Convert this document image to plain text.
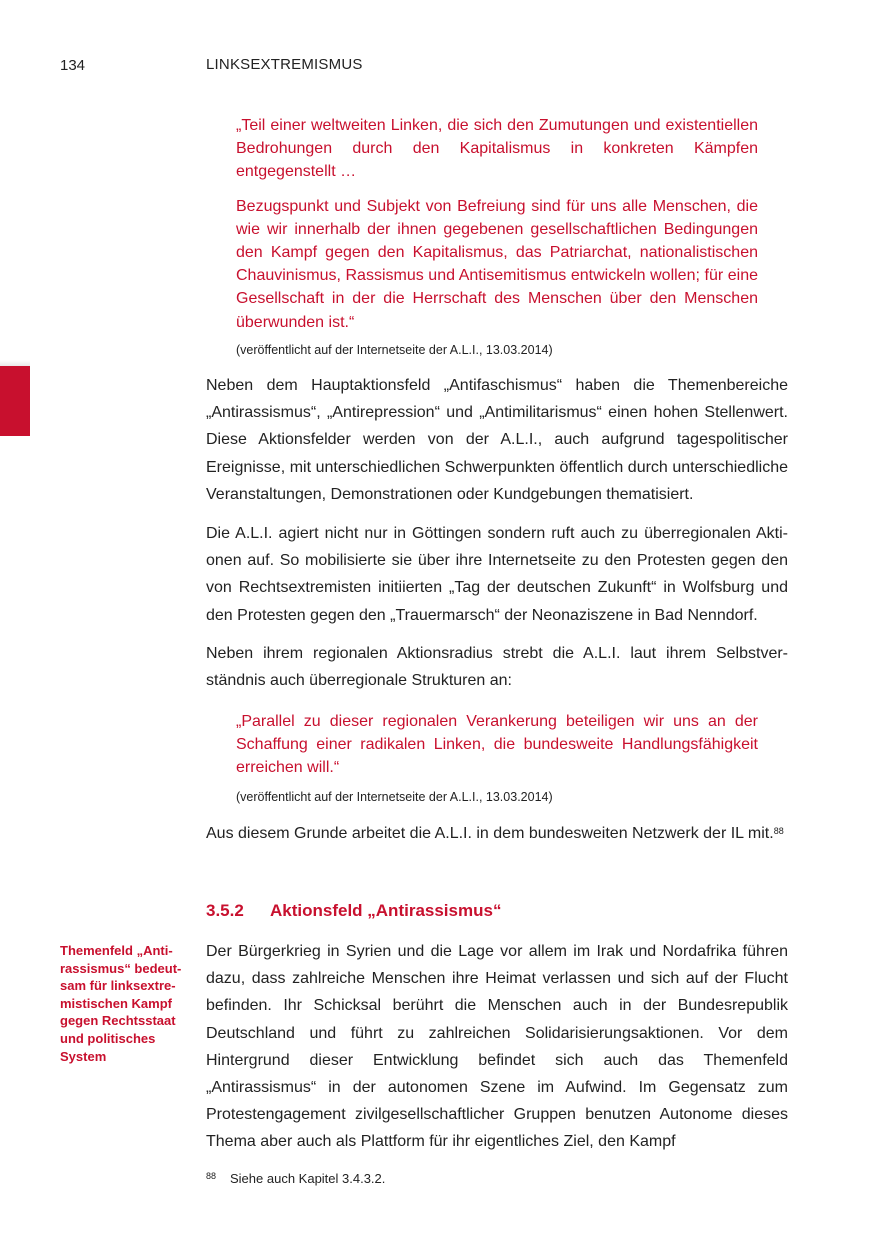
134	LINKSEXTREMISMUS

„Teil einer weltweiten Linken, die sich den Zumutungen und existentiellen Bedrohungen durch den Kapitalismus in konkreten Kämpfen entgegenstellt …

Bezugspunkt und Subjekt von Befreiung sind für uns alle Menschen, die wie wir innerhalb der ihnen gegebenen gesellschaftlichen Bedingungen den Kampf gegen den Kapitalismus, das Patriarchat, nationalistischen Chauvinismus, Rassismus und Antisemitismus entwickeln wollen; für eine Gesellschaft in der die Herrschaft des Menschen über den Menschen überwunden ist.“

(veröffentlicht auf der Internetseite der A.L.I., 13.03.2014)
Neben dem Hauptaktionsfeld „Antifaschismus“ haben die Themenbereiche „Antirassismus“, „Antirepression“ und „Antimilitarismus“ einen hohen Stellenwert. Diese Aktionsfelder werden von der A.L.I., auch aufgrund tagespolitischer Ereignisse, mit unterschiedlichen Schwerpunkten öffentlich durch unterschiedliche Veranstaltungen, Demonstrationen oder Kundgebungen thematisiert.
Die A.L.I. agiert nicht nur in Göttingen sondern ruft auch zu überregionalen Aktionen auf. So mobilisierte sie über ihre Internetseite zu den Protesten gegen den von Rechtsextremisten initiierten „Tag der deutschen Zukunft“ in Wolfsburg und den Protesten gegen den „Trauermarsch“ der Neonaziszene in Bad Nenndorf.
Neben ihrem regionalen Aktionsradius strebt die A.L.I. laut ihrem Selbstverständnis auch überregionale Strukturen an:

„Parallel zu dieser regionalen Verankerung beteiligen wir uns an der Schaffung einer radikalen Linken, die bundesweite Handlungsfähigkeit erreichen will.“

(veröffentlicht auf der Internetseite der A.L.I., 13.03.2014)
Aus diesem Grunde arbeitet die A.L.I. in dem bundesweiten Netzwerk der IL mit.$^{88}$
3.5.2 Aktionsfeld „Antirassismus“
Themenfeld „Antirassismus“ bedeutsam für linksextremistischen Kampf gegen Rechtsstaat und politisches System
Der Bürgerkrieg in Syrien und die Lage vor allem im Irak und Nordafrika führen dazu, dass zahlreiche Menschen ihre Heimat verlassen und sich auf der Flucht befinden. Ihr Schicksal berührt die Menschen auch in der Bundesrepublik Deutschland und führt zu zahlreichen Solidarisierungsaktionen. Vor dem Hintergrund dieser Entwicklung befindet sich auch das Themenfeld „Antirassismus“ in der autonomen Szene im Aufwind. Im Gegensatz zum Protestengagement zivilgesellschaftlicher Gruppen benutzen Autonome dieses Thema aber auch als Plattform für ihr eigentliches Ziel, den Kampf
88 Siehe auch Kapitel 3.4.3.2.
